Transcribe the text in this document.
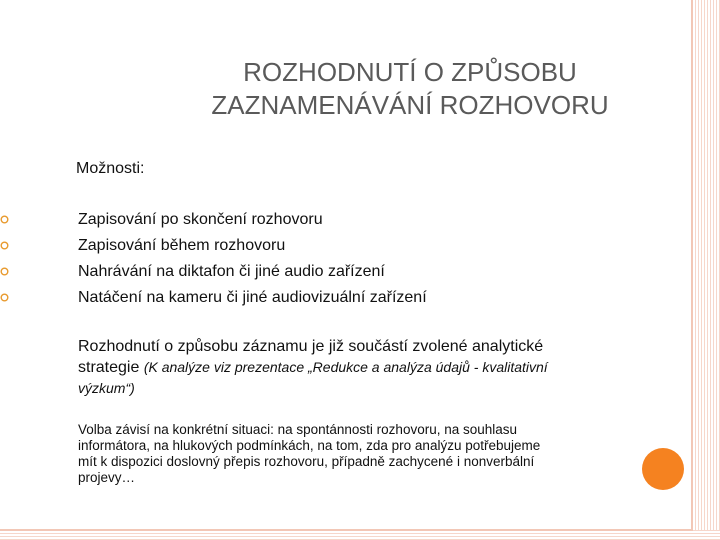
ROZHODNUTÍ O ZPŮSOBU
ZAZNAMENÁVÁNÍ ROZHOVORU
Možnosti:
Zapisování po skončení rozhovoru
Zapisování během rozhovoru
Nahrávání na diktafon či jiné audio zařízení
Natáčení na kameru či jiné audiovizuální zařízení
Rozhodnutí o způsobu záznamu je již součástí zvolené analytické
strategie (K analýze viz prezentace „Redukce a analýza údajů - kvalitativní
výzkum“)
Volba závisí na konkrétní situaci: na spontánnosti rozhovoru, na souhlasu
informátora, na hlukových podmínkách, na tom, zda pro analýzu potřebujeme
mít k dispozici doslovný přepis rozhovoru, případně zachycené i nonverbální
projevy…
